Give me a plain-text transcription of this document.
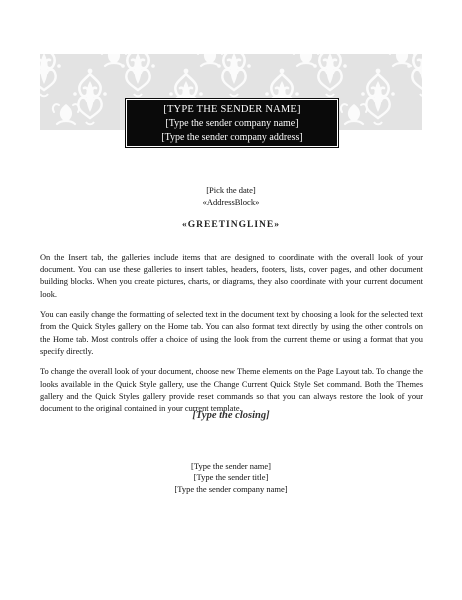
[TYPE THE SENDER NAME]
[Type the sender company name]
[Type the sender company address]
[Pick the date]
«AddressBlock»
«GREETINGLINE»

On the Insert tab, the galleries include items that are designed to coordinate with the overall look of your document. You can use these galleries to insert tables, headers, footers, lists, cover pages, and other document building blocks. When you create pictures, charts, or diagrams, they also coordinate with your current document look.

You can easily change the formatting of selected text in the document text by choosing a look for the selected text from the Quick Styles gallery on the Home tab. You can also format text directly by using the other controls on the Home tab. Most controls offer a choice of using the look from the current theme or using a format that you specify directly.

To change the overall look of your document, choose new Theme elements on the Page Layout tab. To change the looks available in the Quick Style gallery, use the Change Current Quick Style Set command. Both the Themes gallery and the Quick Styles gallery provide reset commands so that you can always restore the look of your document to the original contained in your current template.

[Type the closing]
[Type the sender name]
[Type the sender title]
[Type the sender company name]
